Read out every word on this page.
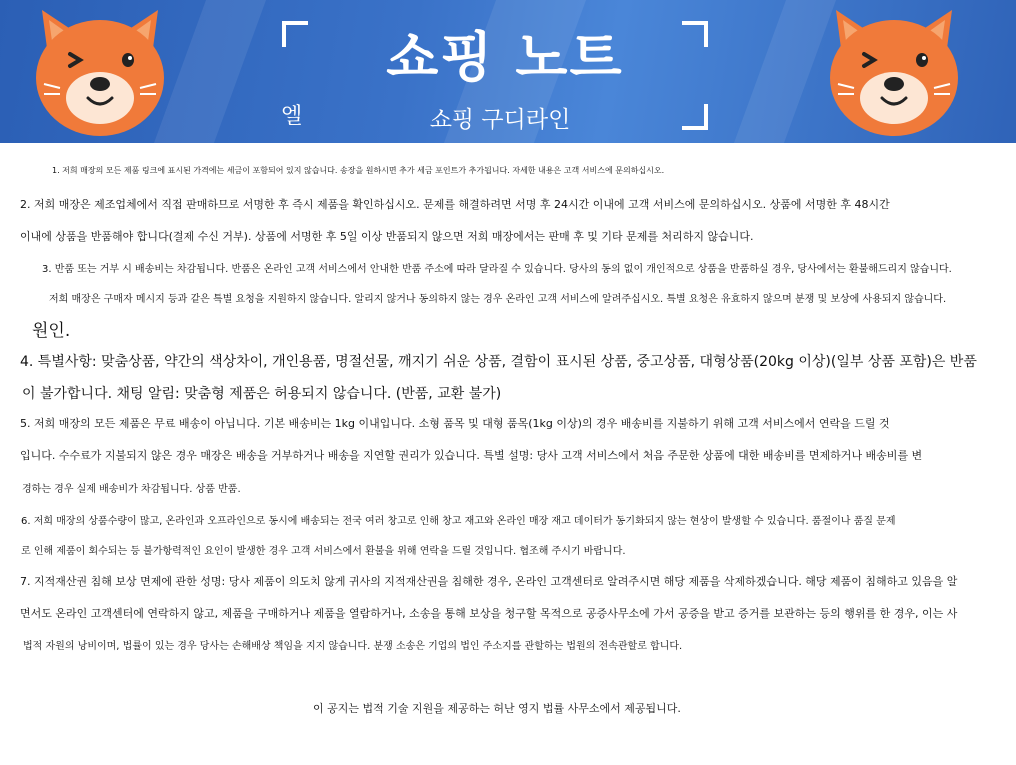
쇼핑 노트
엘	쇼핑 구디라인
1. 저희 매장의 모든 제품 링크에 표시된 가격에는 세금이 포함되어 있지 않습니다. 송장을 원하시면 추가 세금 포인트가 추가됩니다. 자세한 내용은 고객 서비스에 문의하십시오.
2. 저희 매장은 제조업체에서 직접 판매하므로 서명한 후 즉시 제품을 확인하십시오. 문제를 해결하려면 서명 후 24시간 이내에 고객 서비스에 문의하십시오. 상품에 서명한 후 48시간
이내에 상품을 반품해야 합니다(결제 수신 거부). 상품에 서명한 후 5일 이상 반품되지 않으면 저희 매장에서는 판매 후 및 기타 문제를 처리하지 않습니다.
3. 반품 또는 거부 시 배송비는 차감됩니다. 반품은 온라인 고객 서비스에서 안내한 반품 주소에 따라 달라질 수 있습니다. 당사의 동의 없이 개인적으로 상품을 반품하실 경우, 당사에서는 환불해드리지 않습니다.
저희 매장은 구매자 메시지 등과 같은 특별 요청을 지원하지 않습니다. 알리지 않거나 동의하지 않는 경우 온라인 고객 서비스에 알려주십시오. 특별 요청은 유효하지 않으며 분쟁 및 보상에 사용되지 않습니다.
원인.
4. 특별사항: 맞춤상품, 약간의 색상차이, 개인용품, 명절선물, 깨지기 쉬운 상품, 결함이 표시된 상품, 중고상품, 대형상품(20kg 이상)(일부 상품 포함)은 반품
이 불가합니다. 채팅 알림: 맞춤형 제품은 허용되지 않습니다. (반품, 교환 불가)
5. 저희 매장의 모든 제품은 무료 배송이 아닙니다. 기본 배송비는 1kg 이내입니다. 소형 품목 및 대형 품목(1kg 이상)의 경우 배송비를 지불하기 위해 고객 서비스에서 연락을 드릴 것
입니다. 수수료가 지불되지 않은 경우 매장은 배송을 거부하거나 배송을 지연할 권리가 있습니다. 특별 설명: 당사 고객 서비스에서 처음 주문한 상품에 대한 배송비를 면제하거나 배송비를 변
경하는 경우 실제 배송비가 차감됩니다. 상품 반품.
6. 저희 매장의 상품수량이 많고, 온라인과 오프라인으로 동시에 배송되는 전국 여러 창고로 인해 창고 재고와 온라인 매장 재고 데이터가 동기화되지 않는 현상이 발생할 수 있습니다. 품절이나 품질 문제
로 인해 제품이 회수되는 등 불가항력적인 요인이 발생한 경우 고객 서비스에서 환불을 위해 연락을 드릴 것입니다. 협조해 주시기 바랍니다.
7. 지적재산권 침해 보상 면제에 관한 성명: 당사 제품이 의도치 않게 귀사의 지적재산권을 침해한 경우, 온라인 고객센터로 알려주시면 해당 제품을 삭제하겠습니다. 해당 제품이 침해하고 있음을 알
면서도 온라인 고객센터에 연락하지 않고, 제품을 구매하거나 제품을 열람하거나, 소송을 통해 보상을 청구할 목적으로 공증사무소에 가서 공증을 받고 증거를 보관하는 등의 행위를 한 경우, 이는 사
법적 자원의 낭비이며, 법률이 있는 경우 당사는 손해배상 책임을 지지 않습니다. 분쟁 소송은 기업의 법인 주소지를 관할하는 법원의 전속관할로 합니다.
이 공지는 법적 기술 지원을 제공하는 허난 영지 법률 사무소에서 제공됩니다.
